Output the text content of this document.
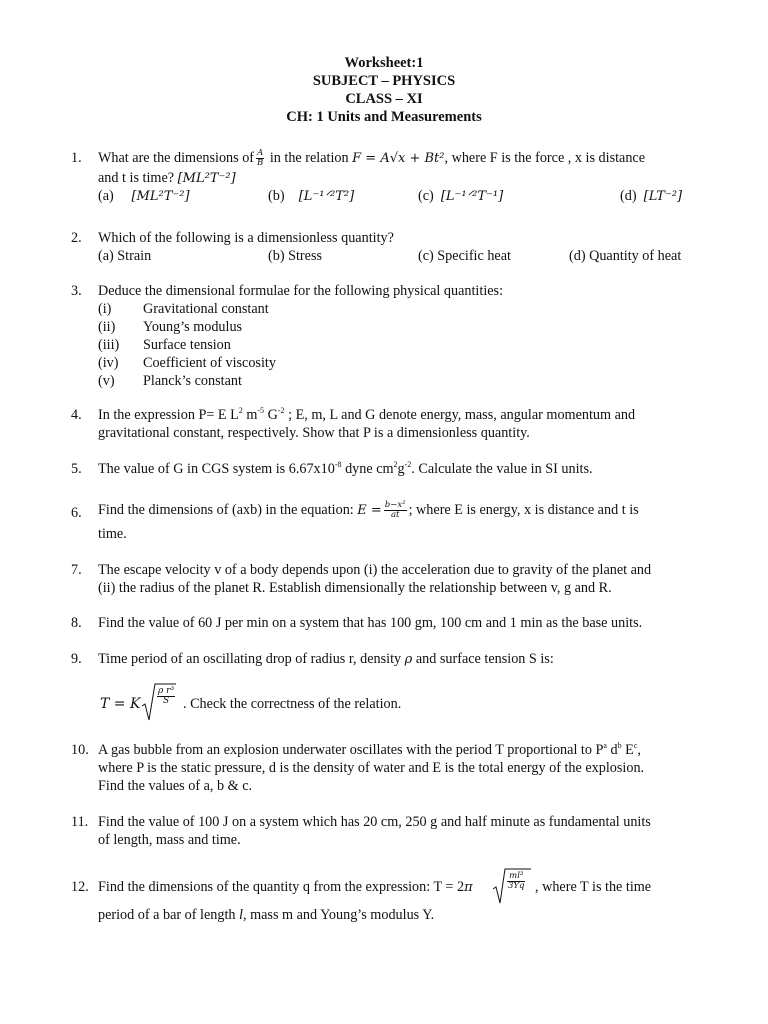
Worksheet:1
SUBJECT – PHYSICS
CLASS – XI
CH: 1 Units and Measurements
1.	What are the dimensions of $\frac{A}{B}$ in the relation F = A√x + Bt², where F is the force , x is distance
and t is time? [ML²T⁻²]
(a) [ML²T⁻²]	(b) [L⁻¹ᐟ²T²]	(c) [L⁻¹ᐟ²T⁻¹]	(d) [LT⁻²]
2.	Which of the following is a dimensionless quantity?
(a) Strain	(b) Stress	(c) Specific heat	(d) Quantity of heat
3.	Deduce the dimensional formulae for the following physical quantities:
(i) Gravitational constant
(ii) Young’s modulus
(iii) Surface tension
(iv) Coefficient of viscosity
(v) Planck’s constant
4.	In the expression P= E $L^2$ $m^{-5}$ $G^{-2}$ ; E, m, L and G denote energy, mass, angular momentum and
gravitational constant, respectively. Show that P is a dimensionless quantity.
5.	The value of G in CGS system is $6.67x10^{-8}$ dyne $cm^2g^{-2}$. Calculate the value in SI units.
6.	Find the dimensions of (axb) in the equation: $E = \frac{\text{b−x²}}{at}$ ; where E is energy, x is distance and t is
time.
7.	The escape velocity v of a body depends upon (i) the acceleration due to gravity of the planet and
(ii) the radius of the planet R. Establish dimensionally the relationship between v, g and R.
8.	Find the value of 60 J per min on a system that has 100 gm, 100 cm and 1 min as the base units.
9.	Time period of an oscillating drop of radius r, density ρ and surface tension S is:
T = K $\frac{\text{ρ r³}}{S}$ . Check the correctness of the relation.
10. A gas bubble from an explosion underwater oscillates with the period T proportional to $P^a$ $d^b$ $E^c$,
where P is the static pressure, d is the density of water and E is the total energy of the explosion.
Find the values of a, b & c.
11. Find the value of 100 J on a system which has 20 cm, 250 g and half minute as fundamental units
of length, mass and time.
12. Find the dimensions of the quantity q from the expression: T = 2π	$\frac{\text{ml³}}{3Yq}$ , where T is the time
period of a bar of length l, mass m and Young’s modulus Y.
